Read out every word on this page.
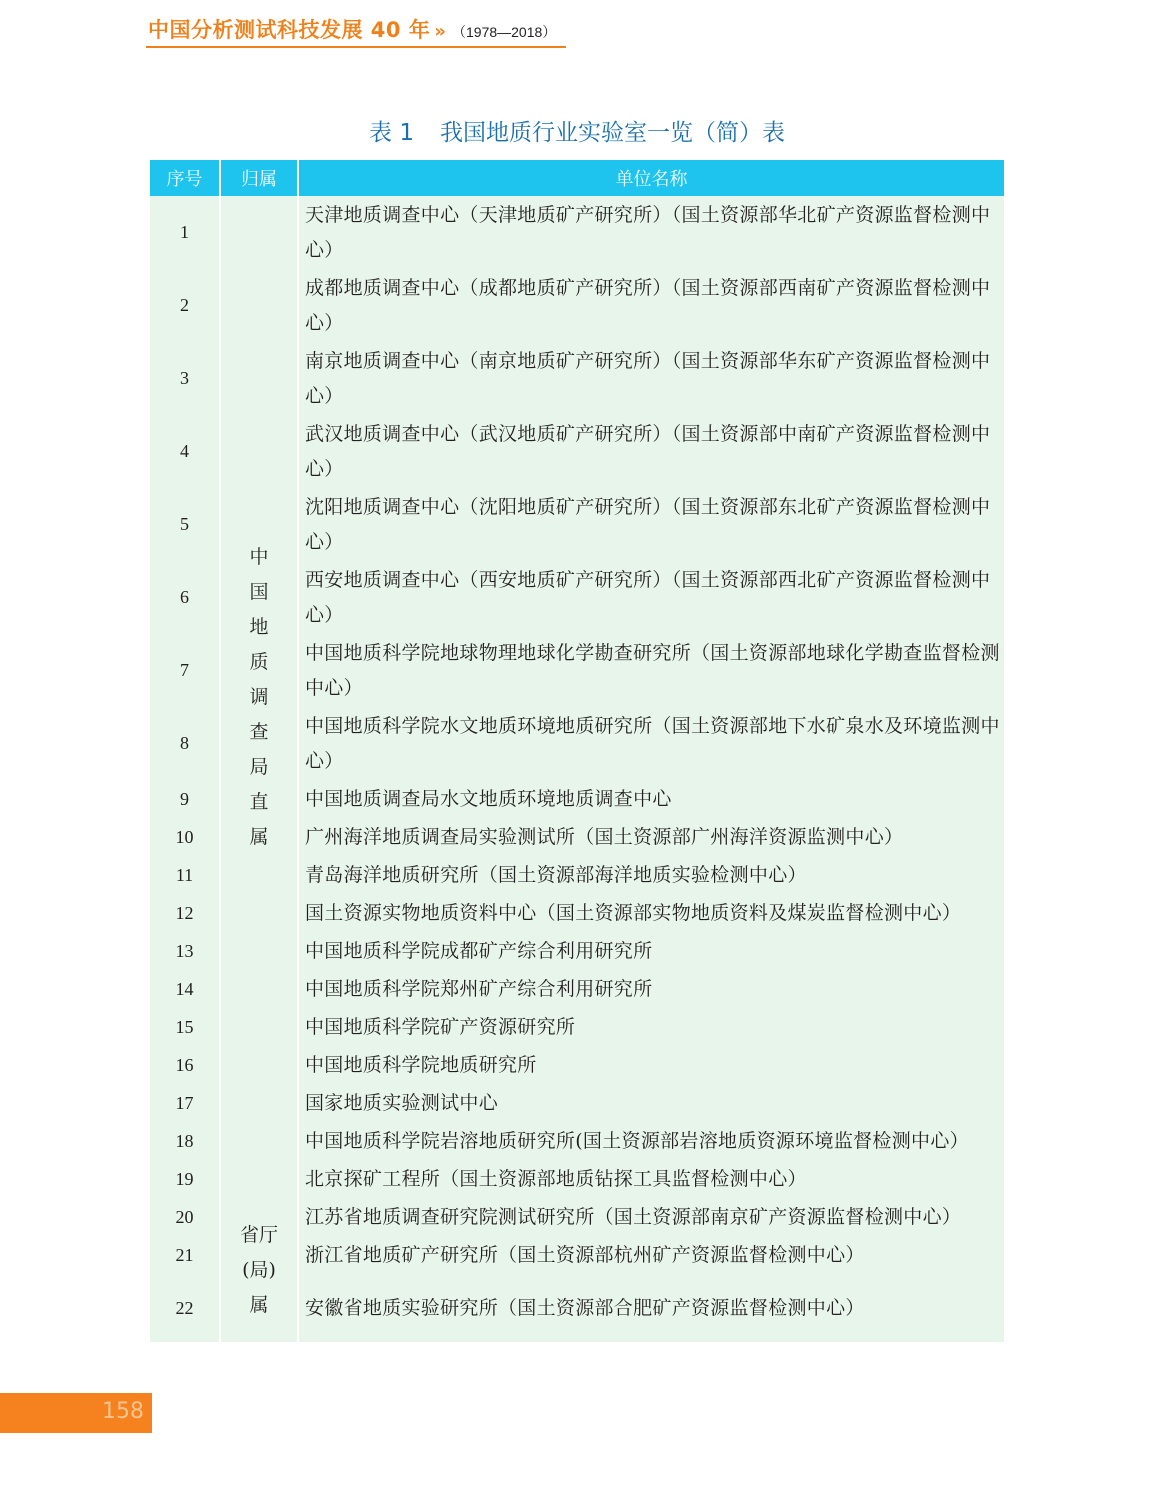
中国分析测试科技发展 40 年 » （1978—2018）
表 1 我国地质行业实验室一览（简）表
序号	归属	单位名称
1	中国地质调查局直属	天津地质调查中心（天津地质矿产研究所）（国土资源部华北矿产资源监督检测中心）
2		成都地质调查中心（成都地质矿产研究所）（国土资源部西南矿产资源监督检测中心）
3		南京地质调查中心（南京地质矿产研究所）（国土资源部华东矿产资源监督检测中心）
4		武汉地质调查中心（武汉地质矿产研究所）（国土资源部中南矿产资源监督检测中心）
5		沈阳地质调查中心（沈阳地质矿产研究所）（国土资源部东北矿产资源监督检测中心）
6		西安地质调查中心（西安地质矿产研究所）（国土资源部西北矿产资源监督检测中心）
7		中国地质科学院地球物理地球化学勘查研究所（国土资源部地球化学勘查监督检测中心）
8		中国地质科学院水文地质环境地质研究所（国土资源部地下水矿泉水及环境监测中心）
9		中国地质调查局水文地质环境地质调查中心
10		广州海洋地质调查局实验测试所（国土资源部广州海洋资源监测中心）
11		青岛海洋地质研究所（国土资源部海洋地质实验检测中心）
12		国土资源实物地质资料中心（国土资源部实物地质资料及煤炭监督检测中心）
13		中国地质科学院成都矿产综合利用研究所
14		中国地质科学院郑州矿产综合利用研究所
15		中国地质科学院矿产资源研究所
16		中国地质科学院地质研究所
17		国家地质实验测试中心
18		中国地质科学院岩溶地质研究所(国土资源部岩溶地质资源环境监督检测中心）
19		北京探矿工程所（国土资源部地质钻探工具监督检测中心）
20	省厅(局)属	江苏省地质调查研究院测试研究所（国土资源部南京矿产资源监督检测中心）
21		浙江省地质矿产研究所（国土资源部杭州矿产资源监督检测中心）
22		安徽省地质实验研究所（国土资源部合肥矿产资源监督检测中心）
158
